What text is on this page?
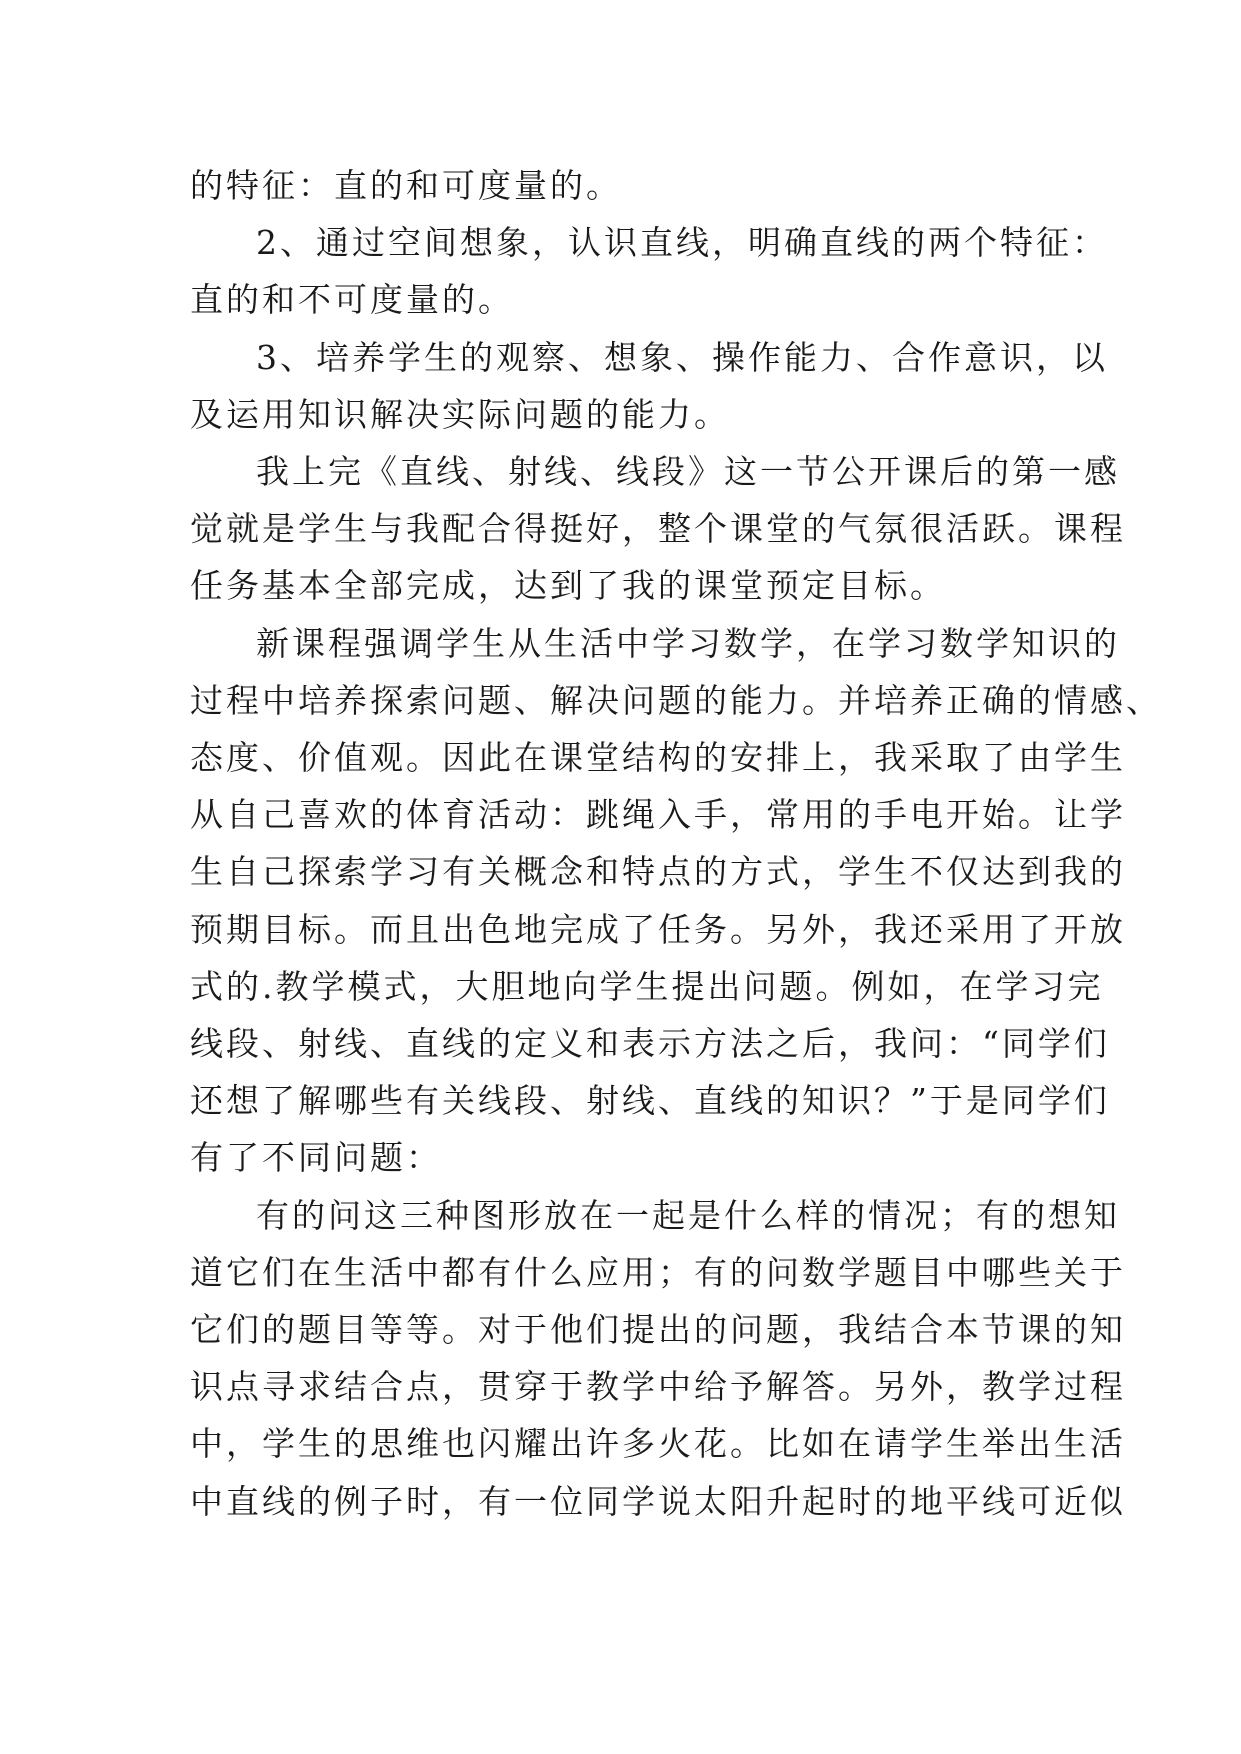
的特征：直的和可度量的。
2、通过空间想象，认识直线，明确直线的两个特征：
直的和不可度量的。
3、培养学生的观察、想象、操作能力、合作意识，以
及运用知识解决实际问题的能力。
我上完《直线、射线、线段》这一节公开课后的第一感
觉就是学生与我配合得挺好，整个课堂的气氛很活跃。课程
任务基本全部完成，达到了我的课堂预定目标。
新课程强调学生从生活中学习数学，在学习数学知识的
过程中培养探索问题、解决问题的能力。并培养正确的情感、
态度、价值观。因此在课堂结构的安排上，我采取了由学生
从自己喜欢的体育活动：跳绳入手，常用的手电开始。让学
生自己探索学习有关概念和特点的方式，学生不仅达到我的
预期目标。而且出色地完成了任务。另外，我还采用了开放
式的.教学模式，大胆地向学生提出问题。例如，在学习完
线段、射线、直线的定义和表示方法之后，我问：“同学们
还想了解哪些有关线段、射线、直线的知识？”于是同学们
有了不同问题：
有的问这三种图形放在一起是什么样的情况；有的想知
道它们在生活中都有什么应用；有的问数学题目中哪些关于
它们的题目等等。对于他们提出的问题，我结合本节课的知
识点寻求结合点，贯穿于教学中给予解答。另外，教学过程
中，学生的思维也闪耀出许多火花。比如在请学生举出生活
中直线的例子时，有一位同学说太阳升起时的地平线可近似
